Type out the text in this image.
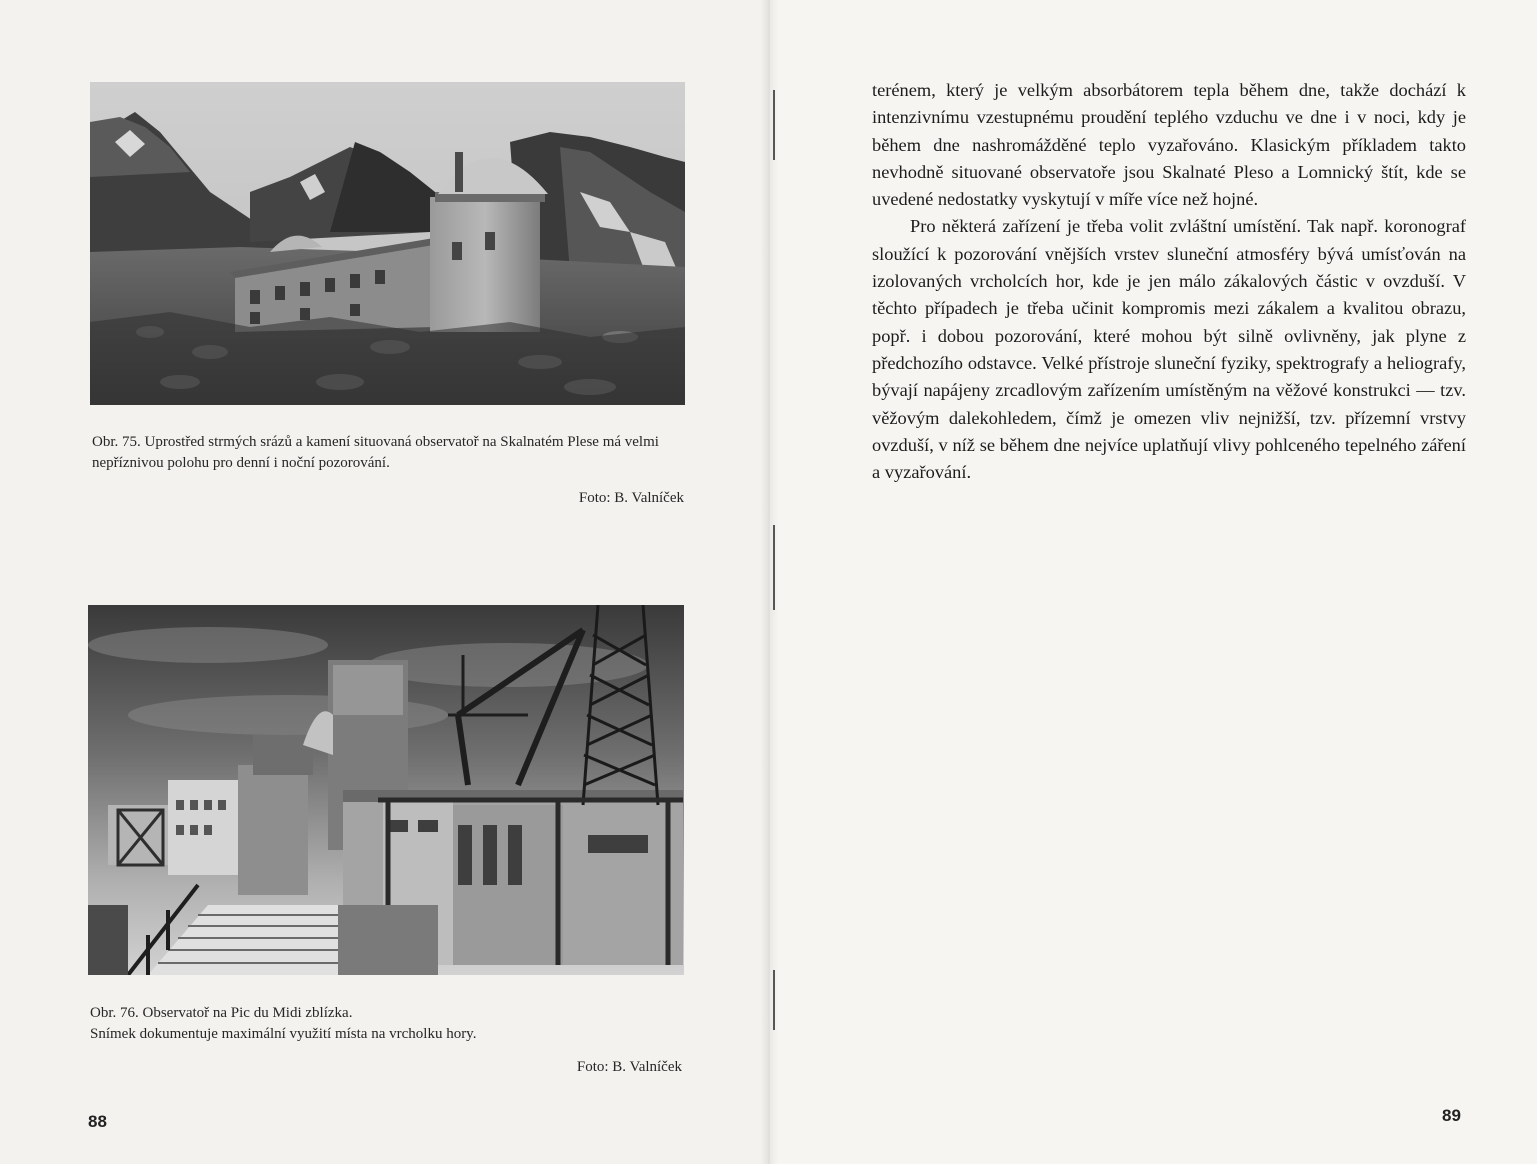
Obr. 75. Uprostřed strmých srázů a kamení situovaná observatoř na Skalnatém Plese má velmi nepříznivou polohu pro denní i noční pozorování.
Foto: B. Valníček
Obr. 76. Observatoř na Pic du Midi zblízka.
Snímek dokumentuje maximální využití místa na vrcholku hory.
Foto: B. Valníček
88

terénem, který je velkým absorbátorem tepla během dne, takže dochází k intenzivnímu vzestupnému proudění teplého vzduchu ve dne i v noci, kdy je během dne nashromážděné teplo vyzařováno. Klasickým příkladem takto nevhodně situované observatoře jsou Skalnaté Pleso a Lomnický štít, kde se uvedené nedostatky vyskytují v míře více než hojné.

Pro některá zařízení je třeba volit zvláštní umístění. Tak např. koronograf sloužící k pozorování vnějších vrstev sluneční atmosféry bývá umísťován na izolovaných vrcholcích hor, kde je jen málo zákalových částic v ovzduší. V těchto případech je třeba učinit kompromis mezi zákalem a kvalitou obrazu, popř. i dobou pozorování, které mohou být silně ovlivněny, jak plyne z předchozího odstavce. Velké přístroje sluneční fyziky, spektrografy a heliografy, bývají napájeny zrcadlovým zařízením umístěným na věžové konstrukci — tzv. věžovým dalekohledem, čímž je omezen vliv nejnižší, tzv. přízemní vrstvy ovzduší, v níž se během dne nejvíce uplatňují vlivy pohlceného tepelného záření a vyzařování.

89
